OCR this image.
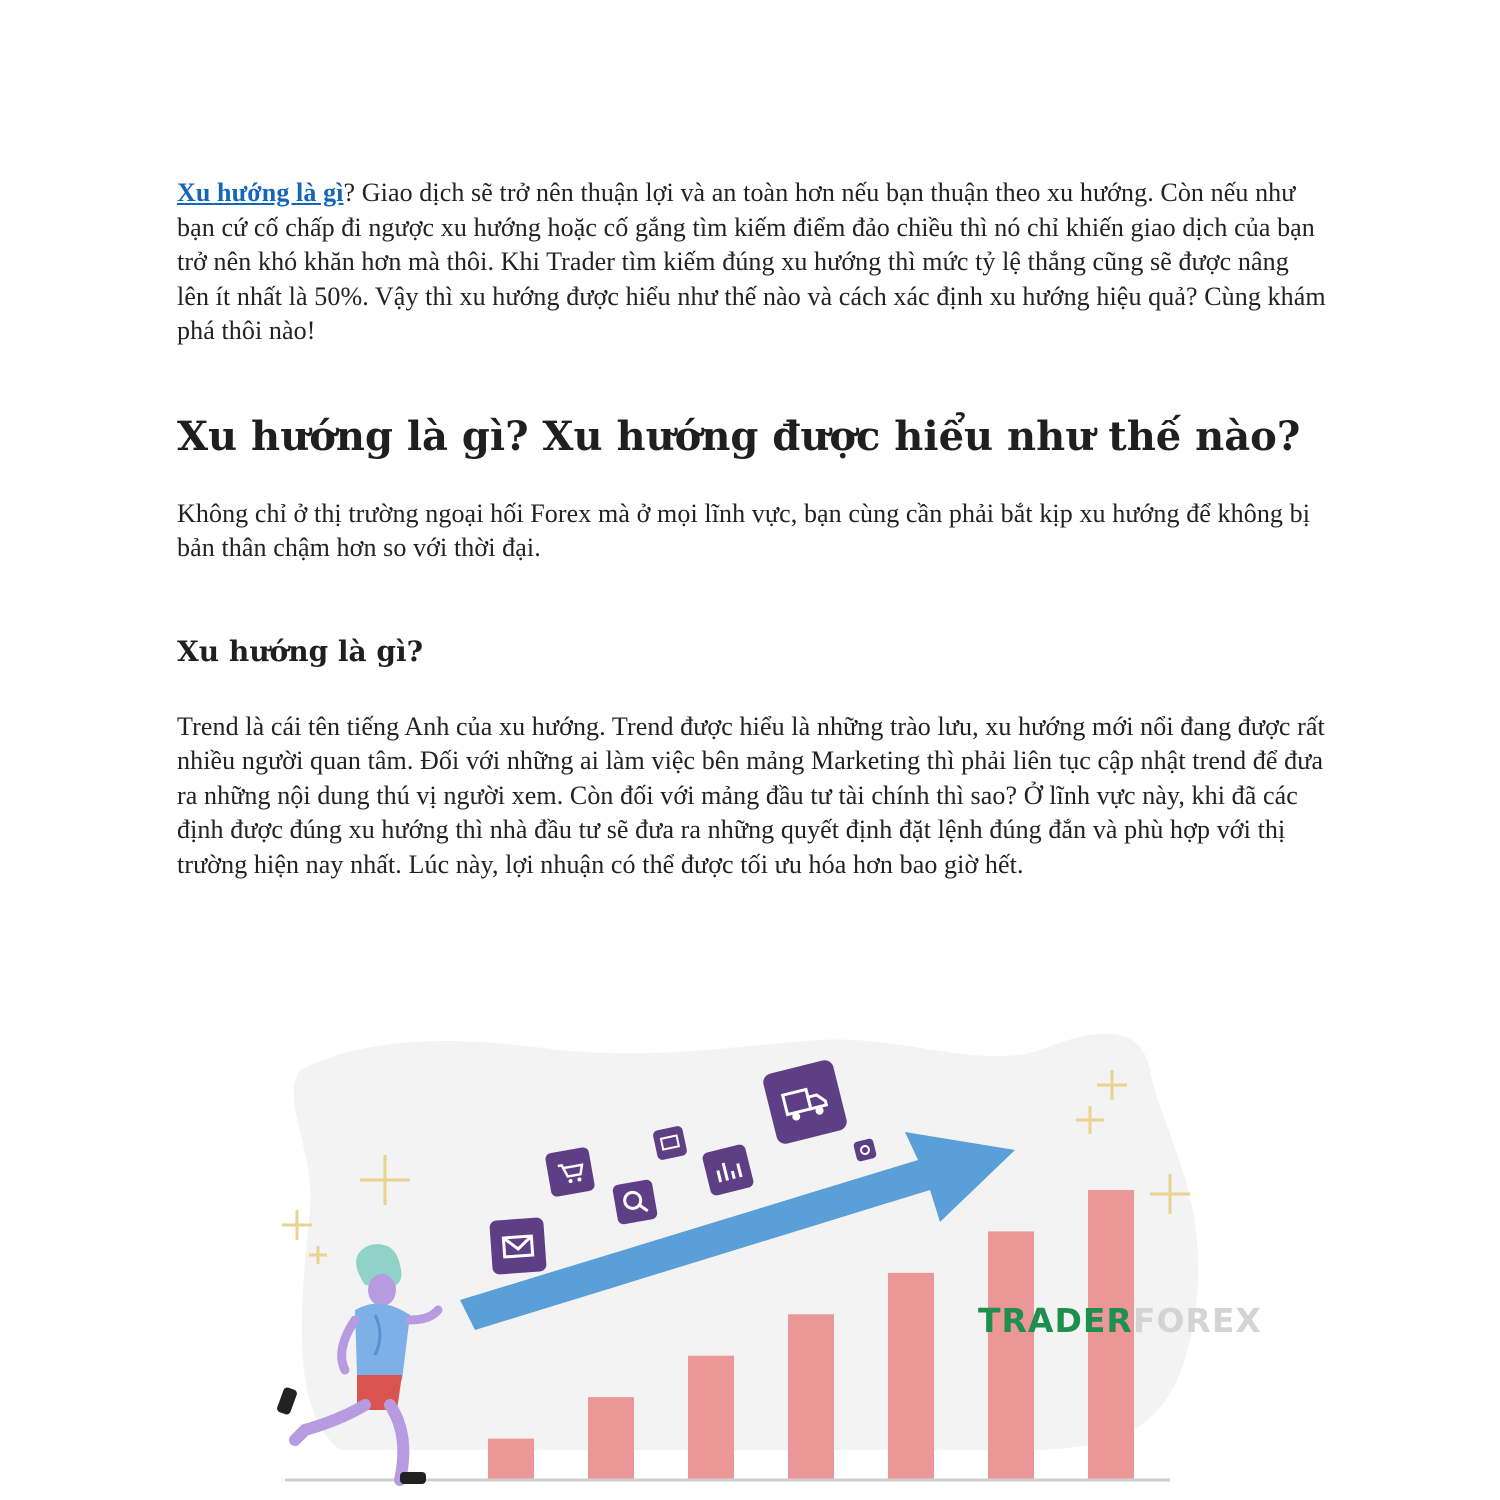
Xu hướng là gì? Giao dịch sẽ trở nên thuận lợi và an toàn hơn nếu bạn thuận theo xu hướng. Còn nếu như bạn cứ cố chấp đi ngược xu hướng hoặc cố gắng tìm kiếm điểm đảo chiều thì nó chỉ khiến giao dịch của bạn trở nên khó khăn hơn mà thôi. Khi Trader tìm kiếm đúng xu hướng thì mức tỷ lệ thắng cũng sẽ được nâng lên ít nhất là 50%. Vậy thì xu hướng được hiểu như thế nào và cách xác định xu hướng hiệu quả? Cùng khám phá thôi nào!

Xu hướng là gì? Xu hướng được hiểu như thế nào?

Không chỉ ở thị trường ngoại hối Forex mà ở mọi lĩnh vực, bạn cùng cần phải bắt kịp xu hướng để không bị bản thân chậm hơn so với thời đại.

Xu hướng là gì?

Trend là cái tên tiếng Anh của xu hướng. Trend được hiểu là những trào lưu, xu hướng mới nổi đang được rất nhiều người quan tâm. Đối với những ai làm việc bên mảng Marketing thì phải liên tục cập nhật trend để đưa ra những nội dung thú vị người xem. Còn đối với mảng đầu tư tài chính thì sao? Ở lĩnh vực này, khi đã các định được đúng xu hướng thì nhà đầu tư sẽ đưa ra những quyết định đặt lệnh đúng đắn và phù hợp với thị trường hiện nay nhất. Lúc này, lợi nhuận có thể được tối ưu hóa hơn bao giờ hết.

TRADERFOREX
